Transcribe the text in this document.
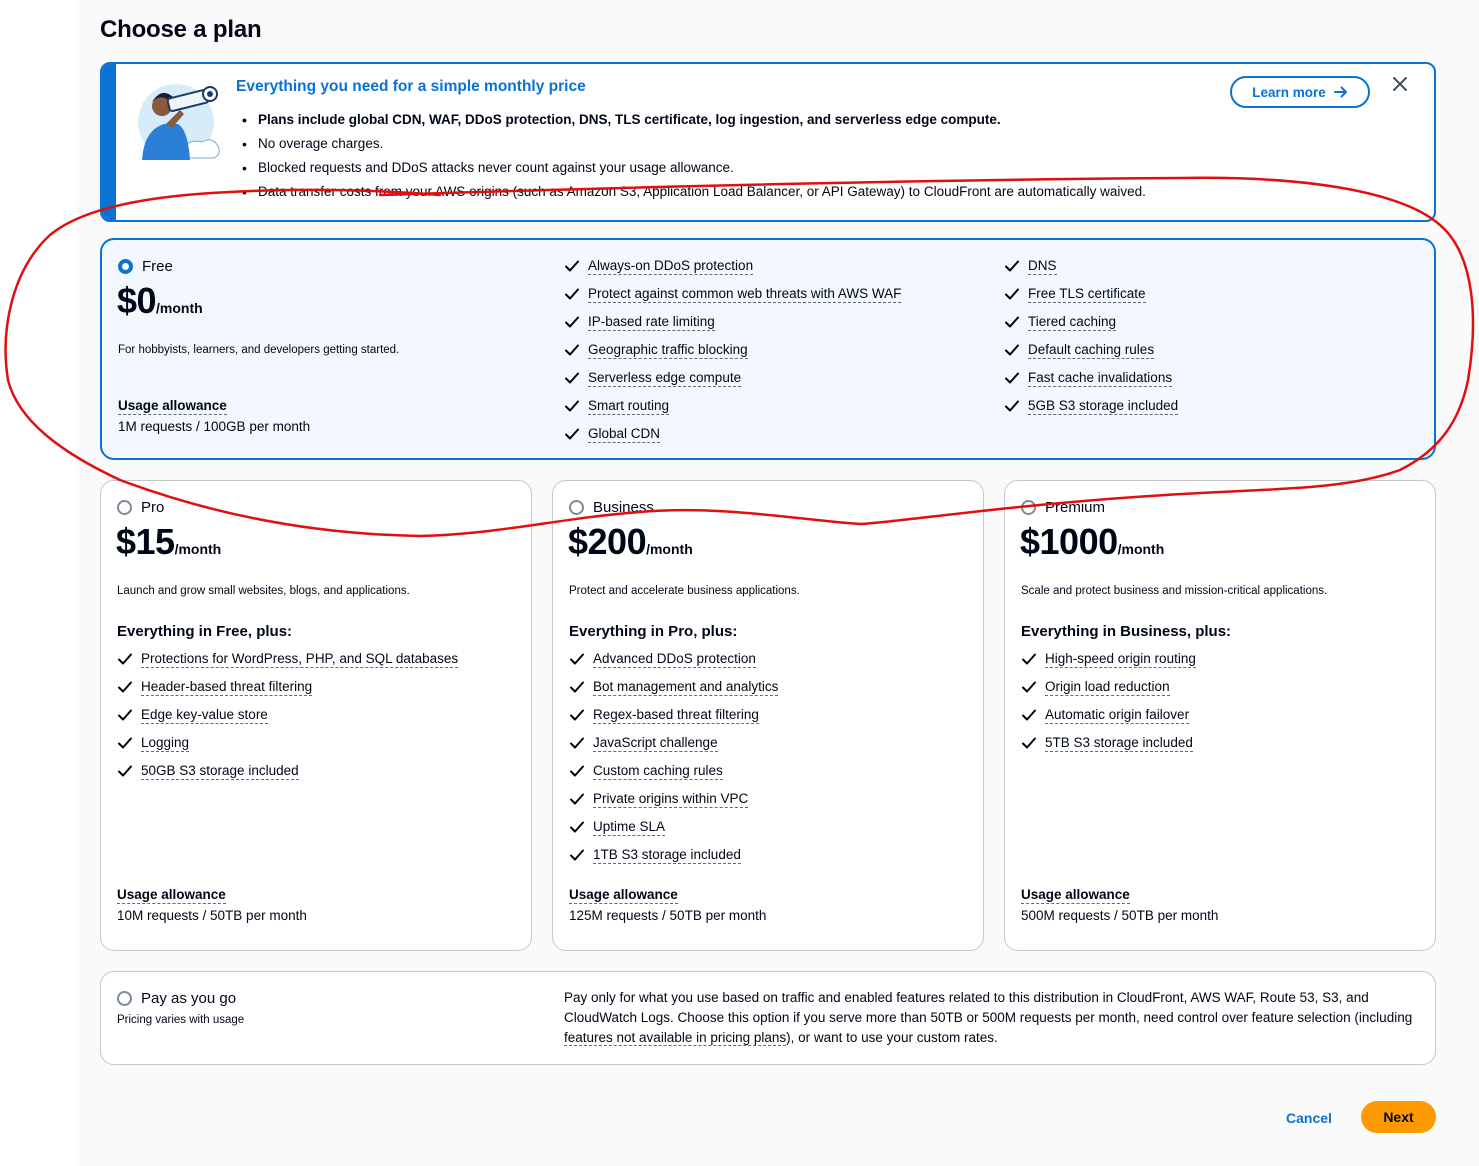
Choose a plan
Everything you need for a simple monthly price
• Plans include global CDN, WAF, DDoS protection, DNS, TLS certificate, log ingestion, and serverless edge compute.
• No overage charges.
• Blocked requests and DDoS attacks never count against your usage allowance.
• Data transfer costs from your AWS origins (such as Amazon S3, Application Load Balancer, or API Gateway) to CloudFront are automatically waived.
Learn more
Free
$0/month
For hobbyists, learners, and developers getting started.
Usage allowance
1M requests / 100GB per month
Always-on DDoS protection
Protect against common web threats with AWS WAF
IP-based rate limiting
Geographic traffic blocking
Serverless edge compute
Smart routing
Global CDN
DNS
Free TLS certificate
Tiered caching
Default caching rules
Fast cache invalidations
5GB S3 storage included
Pro
$15/month
Launch and grow small websites, blogs, and applications.
Everything in Free, plus:
Protections for WordPress, PHP, and SQL databases
Header-based threat filtering
Edge key-value store
Logging
50GB S3 storage included
Usage allowance
10M requests / 50TB per month
Business
$200/month
Protect and accelerate business applications.
Everything in Pro, plus:
Advanced DDoS protection
Bot management and analytics
Regex-based threat filtering
JavaScript challenge
Custom caching rules
Private origins within VPC
Uptime SLA
1TB S3 storage included
Usage allowance
125M requests / 50TB per month
Premium
$1000/month
Scale and protect business and mission-critical applications.
Everything in Business, plus:
High-speed origin routing
Origin load reduction
Automatic origin failover
5TB S3 storage included
Usage allowance
500M requests / 50TB per month
Pay as you go
Pricing varies with usage
Pay only for what you use based on traffic and enabled features related to this distribution in CloudFront, AWS WAF, Route 53, S3, and CloudWatch Logs. Choose this option if you serve more than 50TB or 500M requests per month, need control over feature selection (including features not available in pricing plans), or want to use your custom rates.
Cancel	Next
